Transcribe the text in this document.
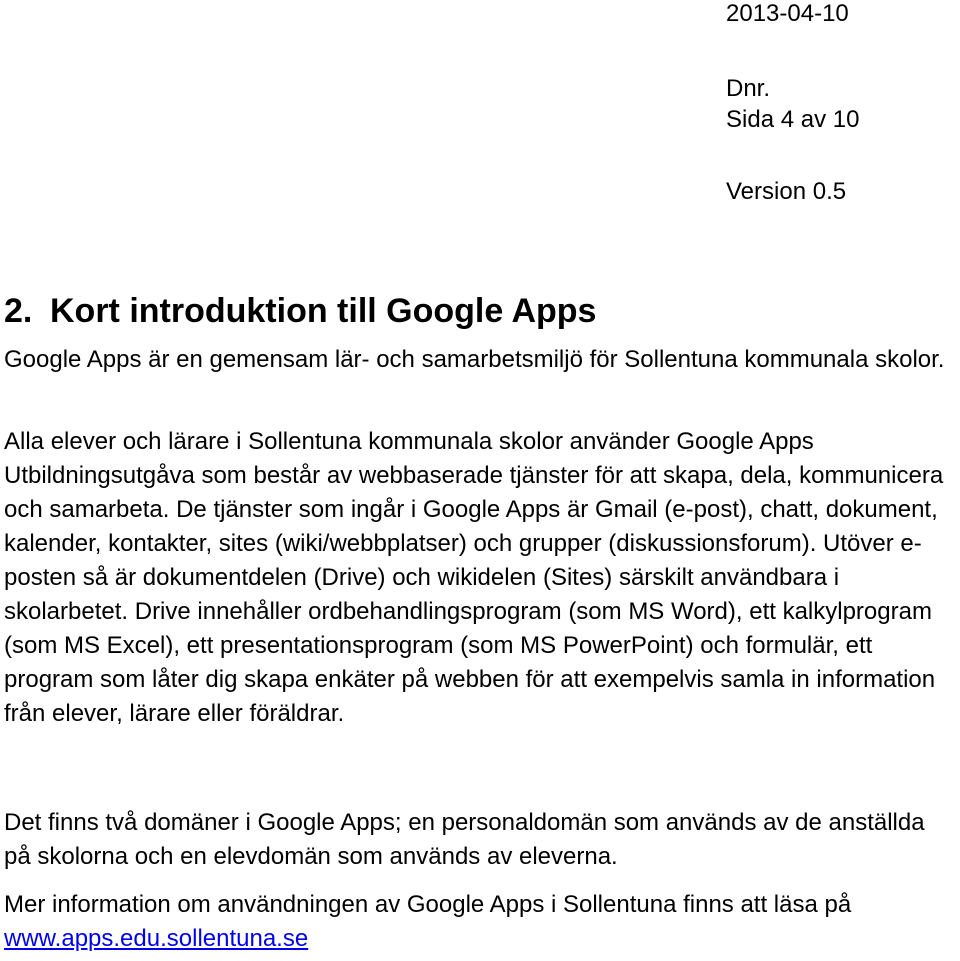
2013-04-10
Dnr.
Sida 4 av 10
Version 0.5
2. Kort introduktion till Google Apps

Google Apps är en gemensam lär- och samarbetsmiljö för Sollentuna kommunala skolor.

Alla elever och lärare i Sollentuna kommunala skolor använder Google Apps Utbildningsutgåva som består av webbaserade tjänster för att skapa, dela, kommunicera och samarbeta. De tjänster som ingår i Google Apps är Gmail (e-post), chatt, dokument, kalender, kontakter, sites (wiki/webbplatser) och grupper (diskussionsforum). Utöver e-posten så är dokumentdelen (Drive) och wikidelen (Sites) särskilt användbara i skolarbetet. Drive innehåller ordbehandlingsprogram (som MS Word), ett kalkylprogram (som MS Excel), ett presentationsprogram (som MS PowerPoint) och formulär, ett program som låter dig skapa enkäter på webben för att exempelvis samla in information från elever, lärare eller föräldrar.

Det finns två domäner i Google Apps; en personaldomän som används av de anställda på skolorna och en elevdomän som används av eleverna.

Mer information om användningen av Google Apps i Sollentuna finns att läsa på www.apps.edu.sollentuna.se
